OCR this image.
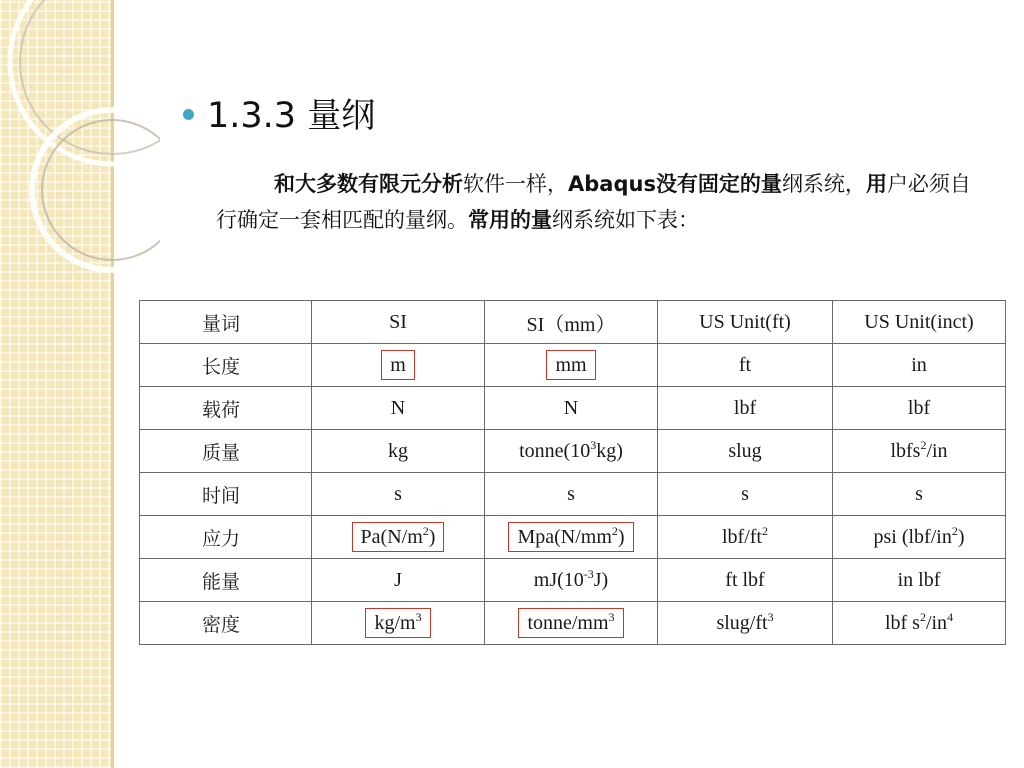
1.3.3 量纲
和大多数有限元分析软件一样，Abaqus没有固定的量纲系统，用户必须自行确定一套相匹配的量纲。常用的量纲系统如下表：
量词	SI	SI（mm）	US Unit(ft)	US Unit(inct)
长度	m	mm	ft	in
载荷	N	N	lbf	lbf
质量	kg	$tonne(10^3kg)$	slug	lbfs$^2$/in
时间	s	s	s	s
应力	$Pa(N/m^2)$	$Mpa(N/mm^2)$	lbf/$ft^2$	psi $(lbf/in^2)$
能量	J	$mJ(10^{-3}J)$	ft lbf	in lbf
密度	$kg/m^3$	tonne/$mm^3$	slug/$ft^3$	lbf $s^2/in^4$
